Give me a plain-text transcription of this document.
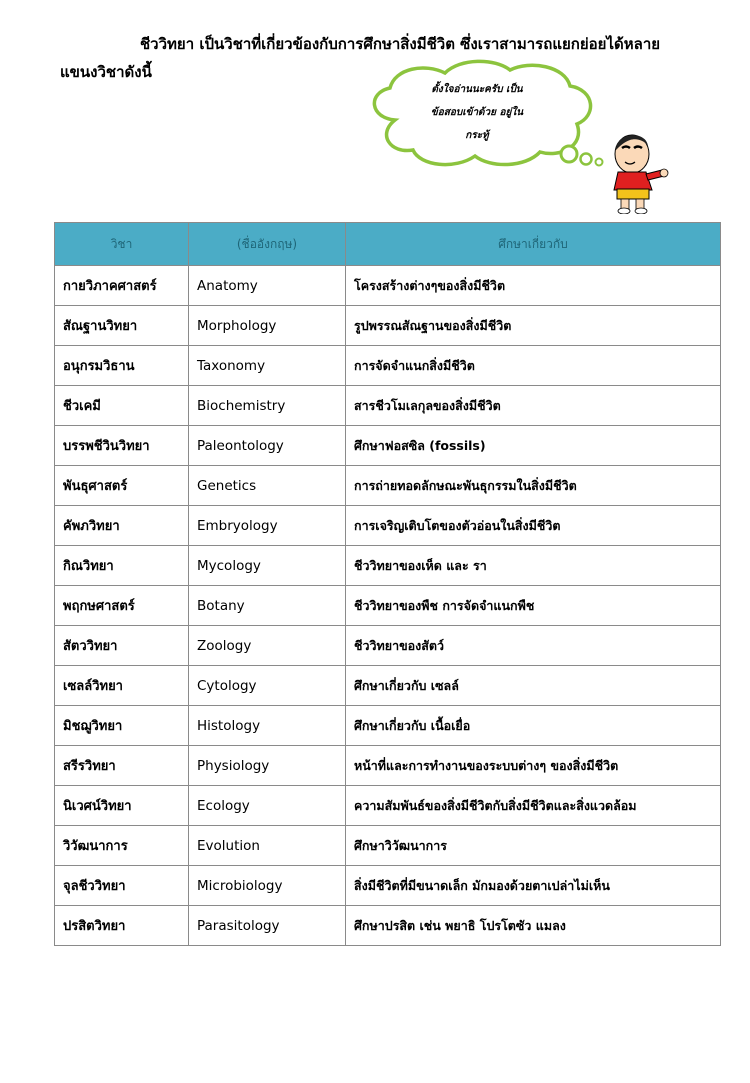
ชีววิทยา เป็นวิชาที่เกี่ยวข้องกับการศึกษาสิ่งมีชีวิต ซึ่งเราสามารถแยกย่อยได้หลาย
แขนงวิชาดังนี้
ตั้งใจอ่านนะครับ เป็น
ข้อสอบเข้าด้วย อยู่ใน
กระทู้
วิชา	(ชื่ออังกฤษ)	ศึกษาเกี่ยวกับ
กายวิภาคศาสตร์	Anatomy	โครงสร้างต่างๆของสิ่งมีชีวิต
สัณฐานวิทยา	Morphology	รูปพรรณสัณฐานของสิ่งมีชีวิต
อนุกรมวิธาน	Taxonomy	การจัดจำแนกสิ่งมีชีวิต
ชีวเคมี	Biochemistry	สารชีวโมเลกุลของสิ่งมีชีวิต
บรรพชีวินวิทยา	Paleontology	ศึกษาฟอสซิล (fossils)
พันธุศาสตร์	Genetics	การถ่ายทอดลักษณะพันธุกรรมในสิ่งมีชีวิต
คัพภวิทยา	Embryology	การเจริญเติบโตของตัวอ่อนในสิ่งมีชีวิต
กิณวิทยา	Mycology	ชีววิทยาของเห็ด และ รา
พฤกษศาสตร์	Botany	ชีววิทยาของพืช การจัดจำแนกพืช
สัตววิทยา	Zoology	ชีววิทยาของสัตว์
เซลล์วิทยา	Cytology	ศึกษาเกี่ยวกับ เซลล์
มิชฌูวิทยา	Histology	ศึกษาเกี่ยวกับ เนื้อเยื่อ
สรีรวิทยา	Physiology	หน้าที่และการทำงานของระบบต่างๆ ของสิ่งมีชีวิต
นิเวศน์วิทยา	Ecology	ความสัมพันธ์ของสิ่งมีชีวิตกับสิ่งมีชีวิตและสิ่งแวดล้อม
วิวัฒนาการ	Evolution	ศึกษาวิวัฒนาการ
จุลชีววิทยา	Microbiology	สิ่งมีชีวิตที่มีขนาดเล็ก มักมองด้วยตาเปล่าไม่เห็น
ปรสิตวิทยา	Parasitology	ศึกษาปรสิต เช่น พยาธิ โปรโตซัว แมลง
